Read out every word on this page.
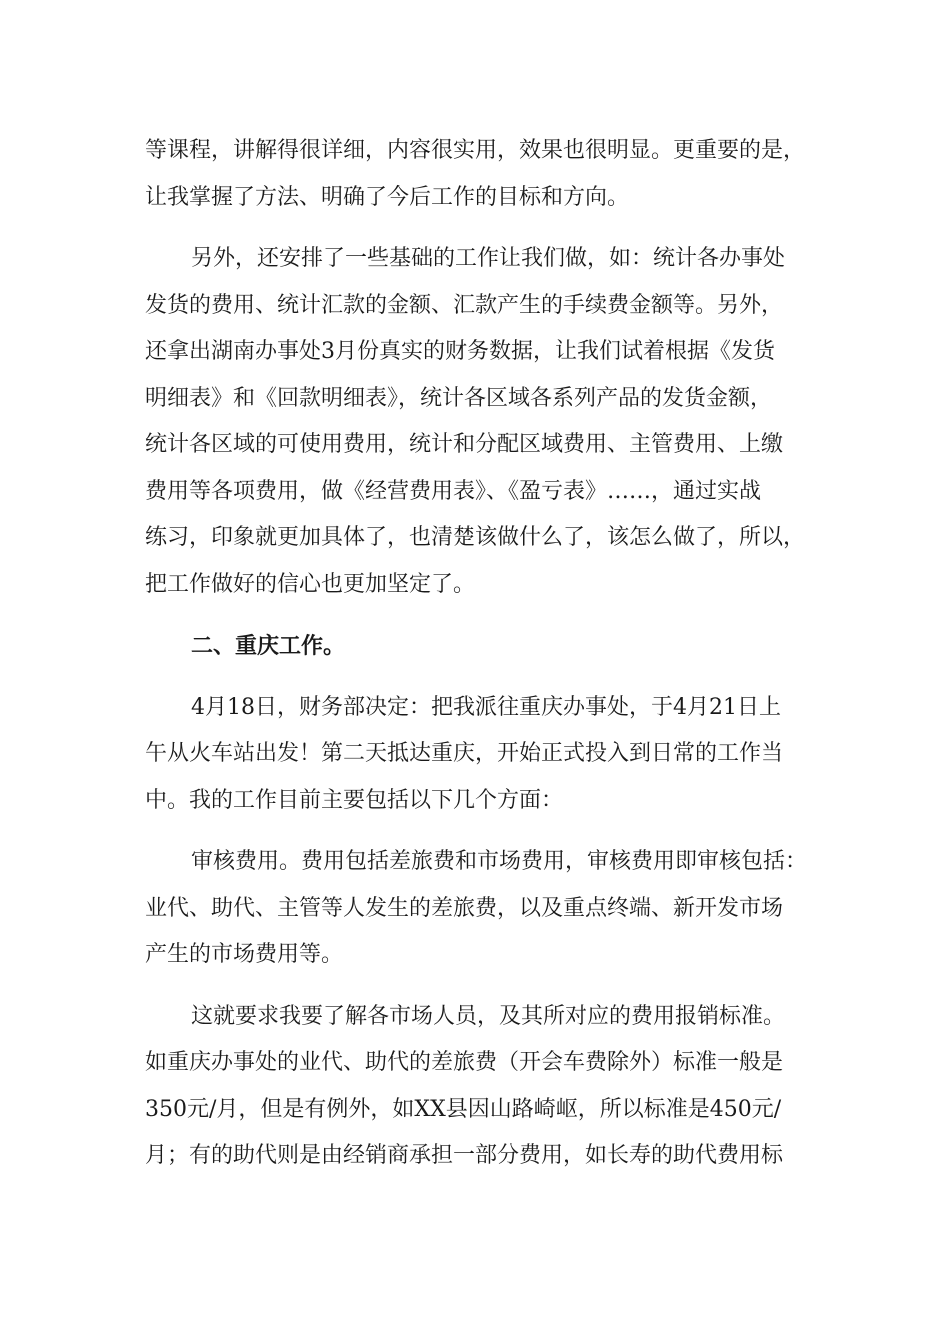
等课程，讲解得很详细，内容很实用，效果也很明显。更重要的是，
让我掌握了方法、明确了今后工作的目标和方向。

另外，还安排了一些基础的工作让我们做，如：统计各办事处
发货的费用、统计汇款的金额、汇款产生的手续费金额等。另外，
还拿出湖南办事处3月份真实的财务数据，让我们试着根据《发货
明细表》和《回款明细表》，统计各区域各系列产品的发货金额，
统计各区域的可使用费用，统计和分配区域费用、主管费用、上缴
费用等各项费用，做《经营费用表》、《盈亏表》……，通过实战
练习，印象就更加具体了，也清楚该做什么了，该怎么做了，所以，
把工作做好的信心也更加坚定了。

二、重庆工作。

4月18日，财务部决定：把我派往重庆办事处，于4月21日上
午从火车站出发！第二天抵达重庆，开始正式投入到日常的工作当
中。我的工作目前主要包括以下几个方面：

审核费用。费用包括差旅费和市场费用，审核费用即审核包括：
业代、助代、主管等人发生的差旅费，以及重点终端、新开发市场
产生的市场费用等。

这就要求我要了解各市场人员，及其所对应的费用报销标准。
如重庆办事处的业代、助代的差旅费（开会车费除外）标准一般是
350元/月，但是有例外，如XX县因山路崎岖，所以标准是450元/
月；有的助代则是由经销商承担一部分费用，如长寿的助代费用标
